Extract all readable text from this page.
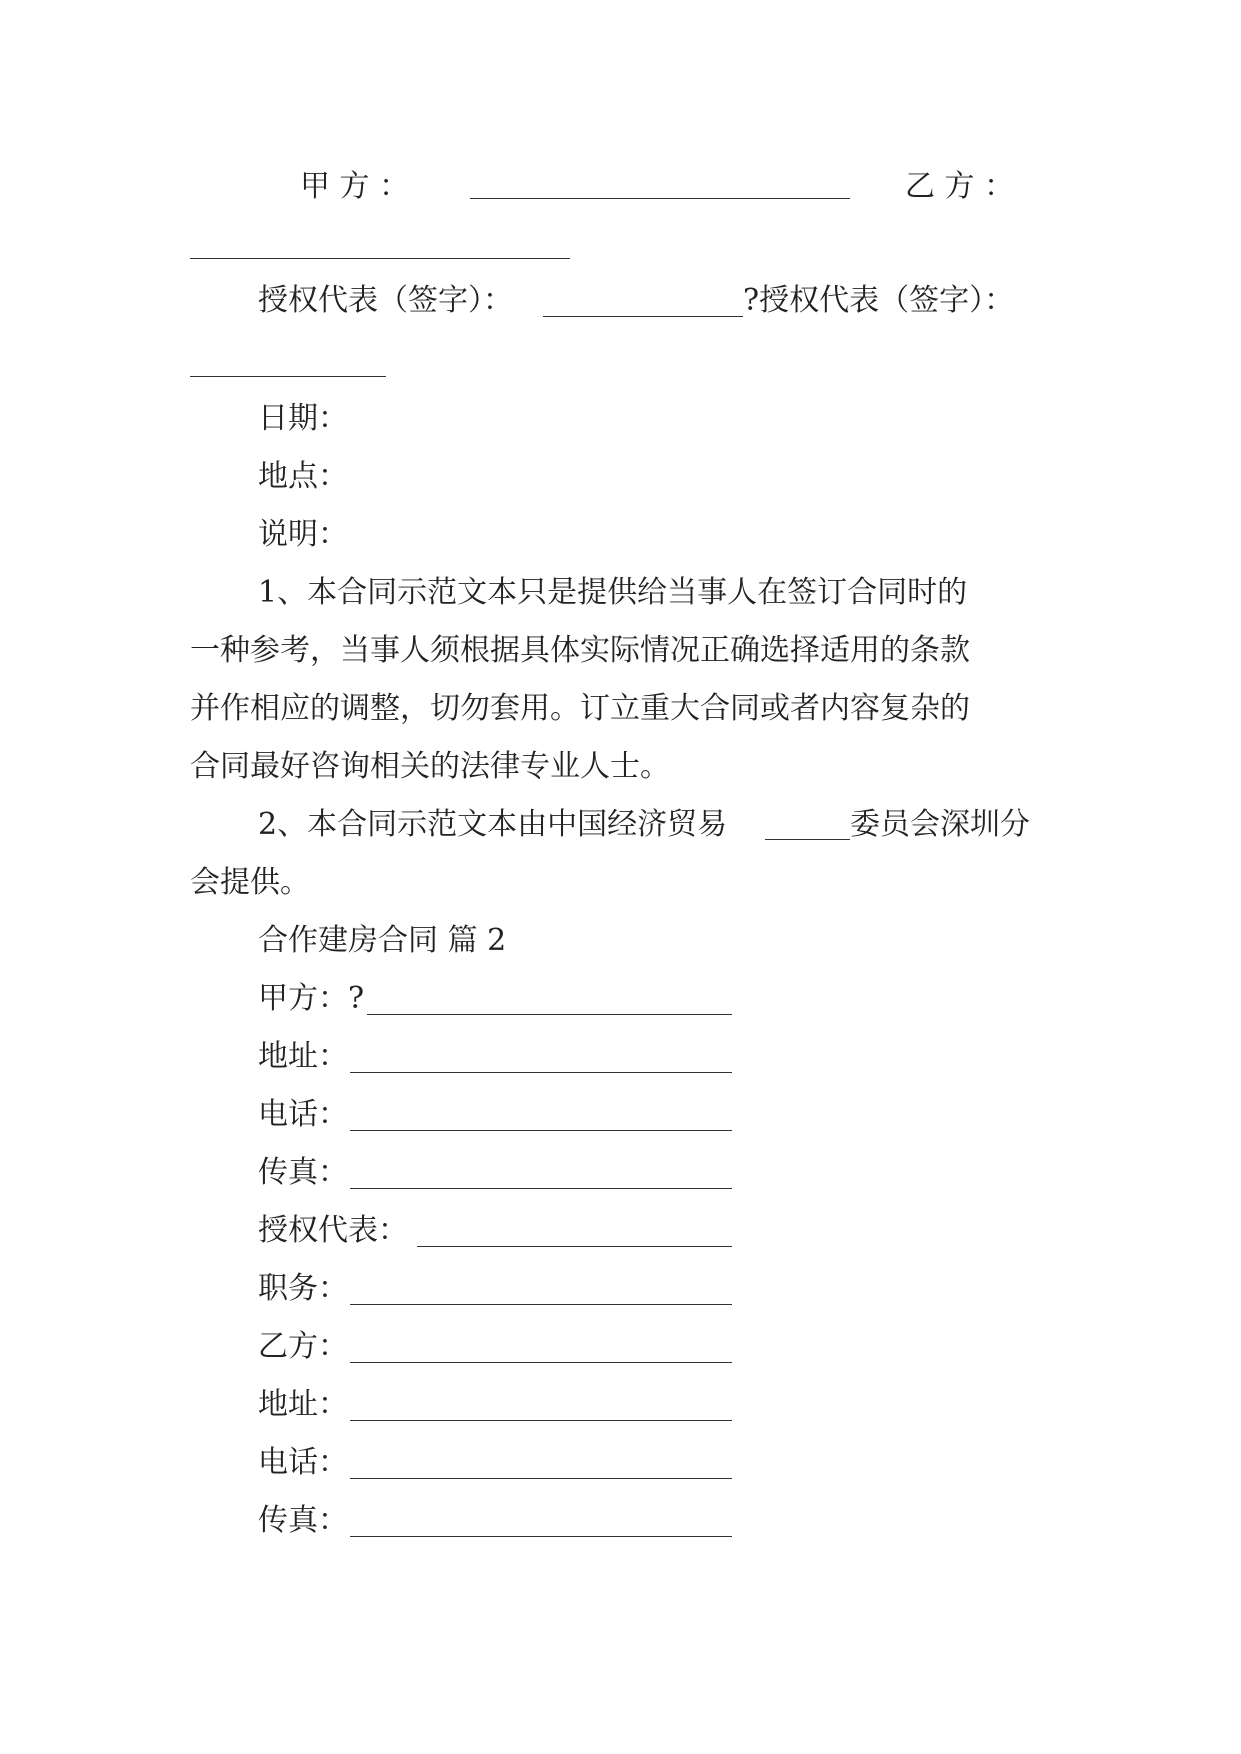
甲 方 ：	乙 方 ：
授权代表（签字）：	?授权代表（签字）：
日期：
地点：
说明：
1、本合同示范文本只是提供给当事人在签订合同时的
一种参考，当事人须根据具体实际情况正确选择适用的条款
并作相应的调整，切勿套用。订立重大合同或者内容复杂的
合同最好咨询相关的法律专业人士。
2、本合同示范文本由中国经济贸易	委员会深圳分
会提供。
合作建房合同 篇 2
甲方：?
地址：
电话：
传真：
授权代表：
职务：
乙方：
地址：
电话：
传真：
